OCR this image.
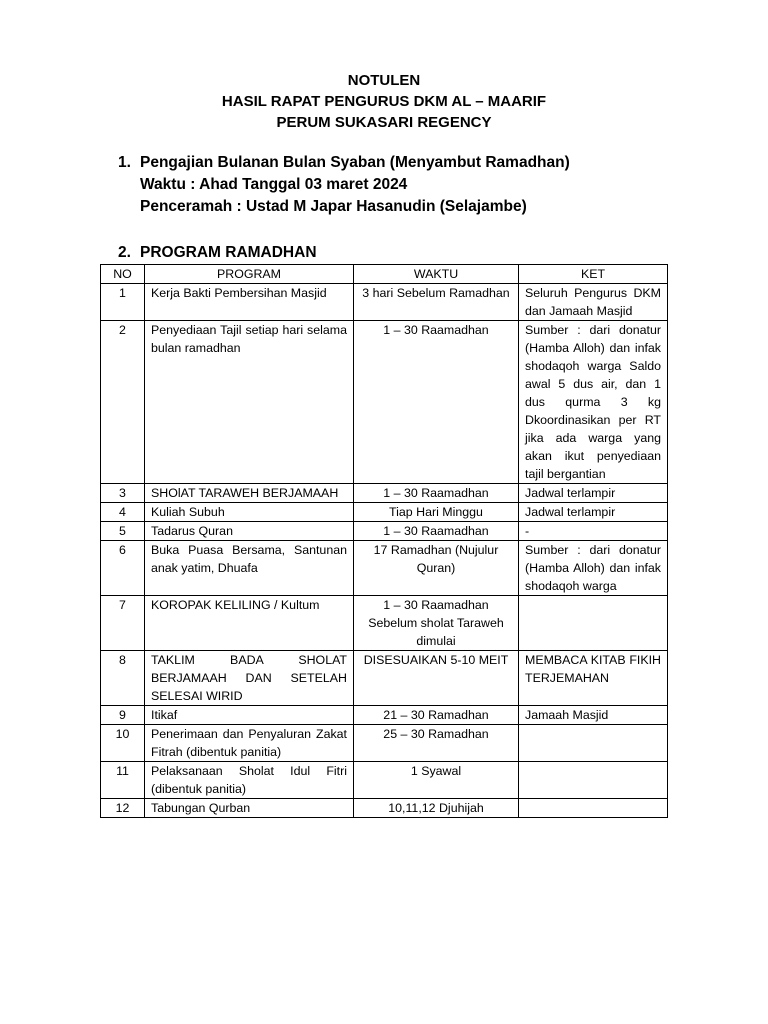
NOTULEN
HASIL RAPAT PENGURUS DKM AL – MAARIF
PERUM SUKASARI REGENCY
1. Pengajian Bulanan Bulan Syaban (Menyambut Ramadhan)
Waktu : Ahad Tanggal 03 maret 2024
Penceramah : Ustad M Japar Hasanudin (Selajambe)
2. PROGRAM RAMADHAN
NO	PROGRAM	WAKTU	KET
1	Kerja Bakti Pembersihan Masjid	3 hari Sebelum Ramadhan	Seluruh Pengurus DKM dan Jamaah Masjid
2	Penyediaan Tajil setiap hari selama bulan ramadhan	1 – 30 Raamadhan	Sumber : dari donatur (Hamba Alloh) dan infak shodaqoh warga Saldo awal 5 dus air, dan 1 dus qurma 3 kg Dkoordinasikan per RT jika ada warga yang akan ikut penyediaan tajil bergantian
3	SHOlAT TARAWEH BERJAMAAH	1 – 30 Raamadhan	Jadwal terlampir
4	Kuliah Subuh	Tiap Hari Minggu	Jadwal terlampir
5	Tadarus Quran	1 – 30 Raamadhan	-
6	Buka Puasa Bersama, Santunan anak yatim, Dhuafa	17 Ramadhan (Nujulur Quran)	Sumber : dari donatur (Hamba Alloh) dan infak shodaqoh warga
7	KOROPAK KELILING / Kultum	1 – 30 Raamadhan Sebelum sholat Taraweh dimulai	
8	TAKLIM BADA SHOLAT BERJAMAAH DAN SETELAH SELESAI WIRID	DISESUAIKAN 5-10 MEIT	MEMBACA KITAB FIKIH TERJEMAHAN
9	Itikaf	21 – 30 Ramadhan	Jamaah Masjid
10	Penerimaan dan Penyaluran Zakat Fitrah (dibentuk panitia)	25 – 30 Ramadhan	
11	Pelaksanaan Sholat Idul Fitri (dibentuk panitia)	1 Syawal	
12	Tabungan Qurban	10,11,12 Djuhijah	
